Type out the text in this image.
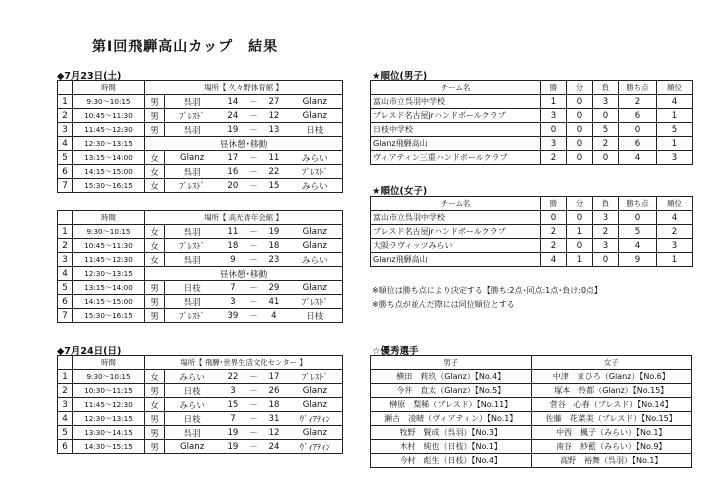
第Ⅰ回飛騨高山カップ　結果
◆7月23日(土)
	時間	場所【 久々野体育館 】					
1	9:30～10:15	男	呉羽	14	－	27	Glanz
2	10:45～11:30	男	ﾌﾞﾚｽﾄﾞ	24	－	12	Glanz
3	11:45～12:30	男	呉羽	19	－	13	日枝
4	12:30～13:15	昼休憩･移動					
5	13:15～14:00	女	Glanz	17	－	11	みらい
6	14:15～15:00	女	呉羽	16	－	22	ﾌﾞﾚｽﾄﾞ
7	15:30～16:15	女	ﾌﾞﾚｽﾄﾞ	20	－	15	みらい
	時間	場所【 高光青年会館 】					
1	9:30～10:15	女	呉羽	11	－	19	Glanz
2	10:45～11:30	女	ﾌﾞﾚｽﾄﾞ	18	－	18	Glanz
3	11:45～12:30	女	呉羽	9	－	23	みらい
4	12:30～13:15	昼休憩･移動					
5	13:15～14:00	男	日枝	7	－	29	Glanz
6	14:15～15:00	男	呉羽	3	－	41	ﾌﾞﾚｽﾄﾞ
7	15:30～16:15	男	ﾌﾞﾚｽﾄﾞ	39	－	4	日枝
◆7月24日(日)
	時間	場所【 飛騨･世界生活文化センター 】					
1	9:30～10:15	女	みらい	22	－	17	ﾌﾞﾚｽﾄﾞ
2	10:30～11:15	男	日枝	3	－	26	Glanz
3	11:45～12:30	女	みらい	15	－	18	Glanz
4	12:30～13:15	男	日枝	7	－	31	ｳﾞｨｱﾃｨﾝ
5	13:30～14:15	男	呉羽	19	－	12	Glanz
6	14:30～15:15	男	Glanz	19	－	24	ｳﾞｨｱﾃｨﾝ
★順位(男子)
チーム名	勝	分	負	勝ち点	順位
富山市立呉羽中学校	1	0	3	2	4
ブレスド名古屋jrハンドボールクラブ	3	0	0	6	1
日枝中学校	0	0	5	0	5
Glanz飛騨高山	3	0	2	6	1
ヴィアティン三重ハンドボールクラブ	2	0	0	4	3
★順位(女子)
チーム名	勝	分	負	勝ち点	順位
富山市立呉羽中学校	0	0	3	0	4
ブレスド名古屋jrハンドボールクラブ	2	1	2	5	2
大阪ラヴィッツみらい	2	0	3	4	3
Glanz飛騨高山	4	1	0	9	1
※順位は勝ち点により決定する【勝ち:2点･同点:1点･負け:0点】
※勝ち点が並んだ際には同位順位とする
☆優秀選手
男子	女子
横田　莉玖（Glanz）【No.4】	中津　まひろ（Glanz）【No.6】
今井　直太（Glanz）【No.5】	塚本　怜都（Glanz）【No.15】
榊原　梨稀（ブレスド）【No.11】	菅谷　心春（ブレスド）【No.14】
瀬古　凌晴（ヴィアティン）【No.1】	佐藤　花菜美（ブレスド）【No.15】
牧野　賢成（呉羽）【No.3】	中西　楓子（みらい）【No.1】
木村　純也（日枝）【No.1】	南谷　紗藍（みらい）【No.9】
今村　彪生（日枝）【No.4】	高野　裕舞（呉羽）【No.1】
